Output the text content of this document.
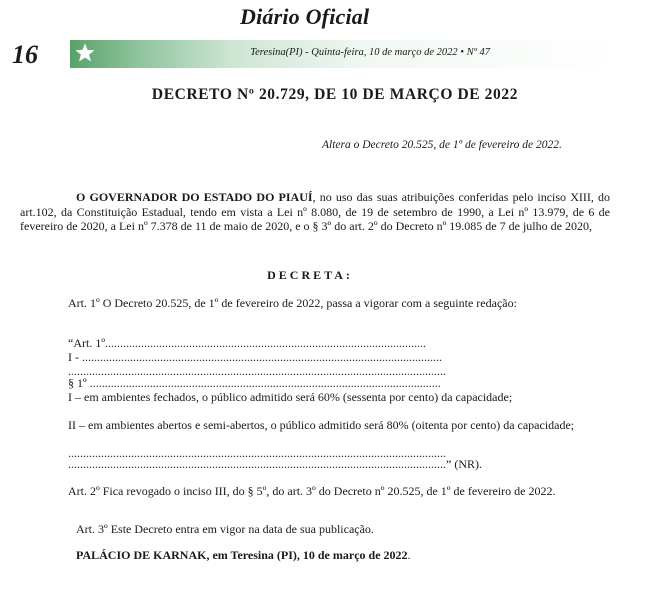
Diário Oficial
16	Teresina(PI) - Quinta-feira, 10 de março de 2022 • Nº 47
DECRETO Nº 20.729, DE 10 DE MARÇO DE 2022
Altera o Decreto 20.525, de 1º de fevereiro de 2022.
O GOVERNADOR DO ESTADO DO PIAUÍ, no uso das suas atribuições conferidas pelo inciso XIII, do art.102, da Constituição Estadual, tendo em vista a Lei nº 8.080, de 19 de setembro de 1990, a Lei nº 13.979, de 6 de fevereiro de 2020, a Lei nº 7.378 de 11 de maio de 2020, e o § 3º do art. 2º do Decreto nº 19.085 de 7 de julho de 2020,
DECRETA:
Art. 1º O Decreto 20.525, de 1º de fevereiro de 2022, passa a vigorar com a seguinte redação:
“Art. 1º...........................................................................................................
I - ........................................................................................................................
..............................................................................................................................
§ 1º .....................................................................................................................
I – em ambientes fechados, o público admitido será 60% (sessenta por cento) da capacidade;
II – em ambientes abertos e semi-abertos, o público admitido será 80% (oitenta por cento) da capacidade;
..............................................................................................................................
..............................................................................................................................” (NR).
Art. 2º Fica revogado o inciso III, do § 5º, do art. 3º do Decreto nº 20.525, de 1º de fevereiro de 2022.
Art. 3º Este Decreto entra em vigor na data de sua publicação.
PALÁCIO DE KARNAK, em Teresina (PI), 10 de março de 2022.
